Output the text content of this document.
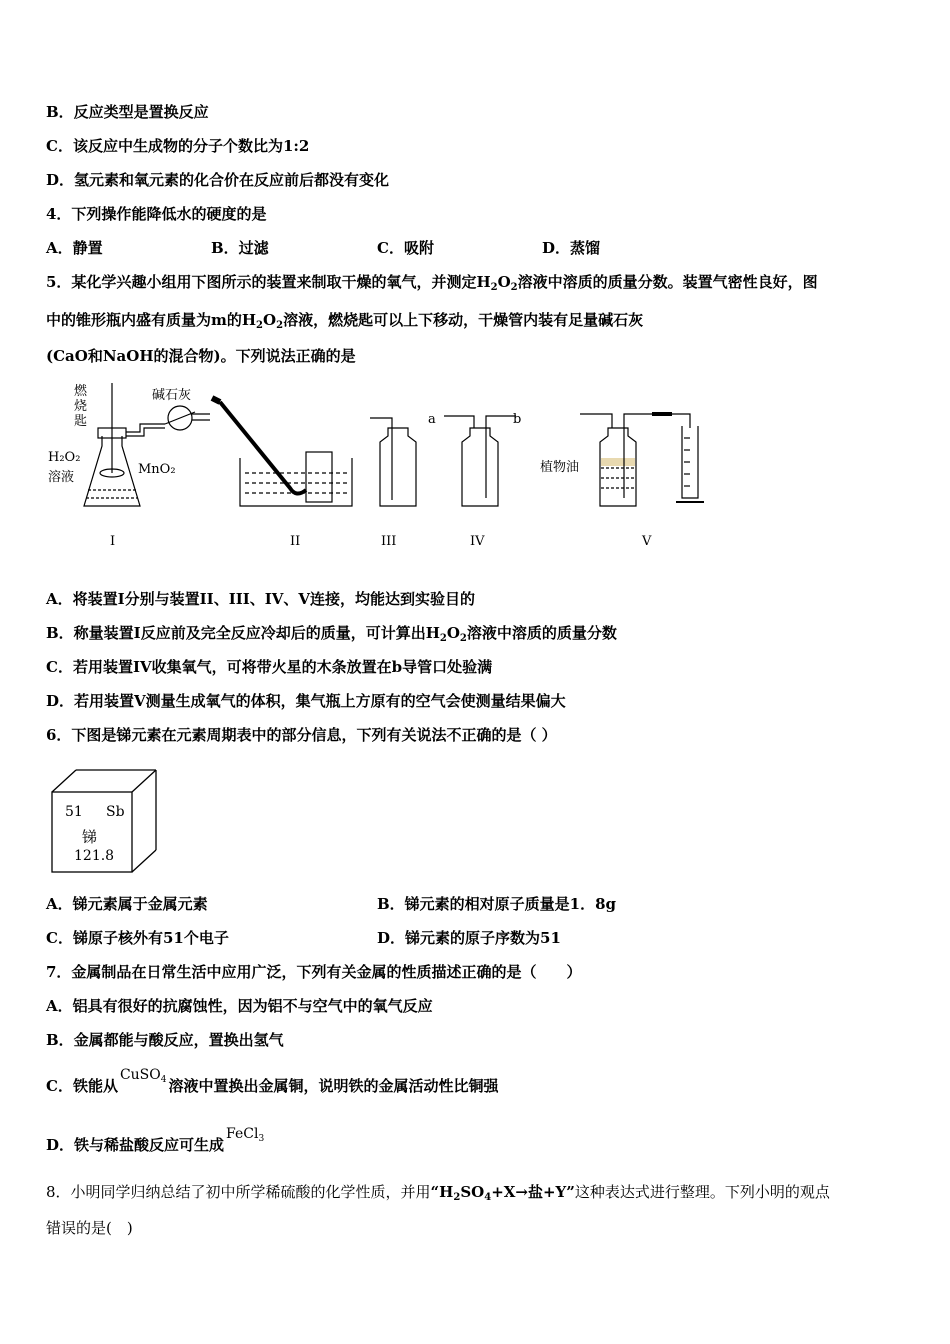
B．反应类型是置换反应
C．该反应中生成物的分子个数比为1:2
D．氢元素和氧元素的化合价在反应前后都没有变化
4．下列操作能降低水的硬度的是
A．静置	B．过滤	C．吸附	D．蒸馏
5．某化学兴趣小组用下图所示的装置来制取干燥的氧气，并测定$H_2O_2$溶液中溶质的质量分数。装置气密性良好，图
中的锥形瓶内盛有质量为m的$H_2O_2$溶液，燃烧匙可以上下移动，干燥管内装有足量碱石灰
(CaO和NaOH的混合物)。下列说法正确的是
燃烧匙
碱石灰
H₂O₂
溶液
MnO₂
a	b
植物油
I	II	III	IV	V
A．将装置I分别与装置II、III、IV、V连接，均能达到实验目的
B．称量装置I反应前及完全反应冷却后的质量，可计算出$H_2O_2$溶液中溶质的质量分数
C．若用装置IV收集氧气，可将带火星的木条放置在b导管口处验满
D．若用装置V测量生成氧气的体积，集气瓶上方原有的空气会使测量结果偏大
6．下图是锑元素在元素周期表中的部分信息，下列有关说法不正确的是（ ）
51 Sb
锑
121.8
A．锑元素属于金属元素	B．锑元素的相对原子质量是1．8g
C．锑原子核外有51个电子	D．锑元素的原子序数为51
7．金属制品在日常生活中应用广泛，下列有关金属的性质描述正确的是（　　）
A．铝具有很好的抗腐蚀性，因为铝不与空气中的氧气反应
B．金属都能与酸反应，置换出氢气
C．铁能从CuSO$_4$ 溶液中置换出金属铜，说明铁的金属活动性比铜强
D．铁与稀盐酸反应可生成FeCl$_3$
8．小明同学归纳总结了初中所学稀硫酸的化学性质，并用“$H_2SO_4+X\to$盐+Y”这种表达式进行整理。下列小明的观点
错误的是(　)
